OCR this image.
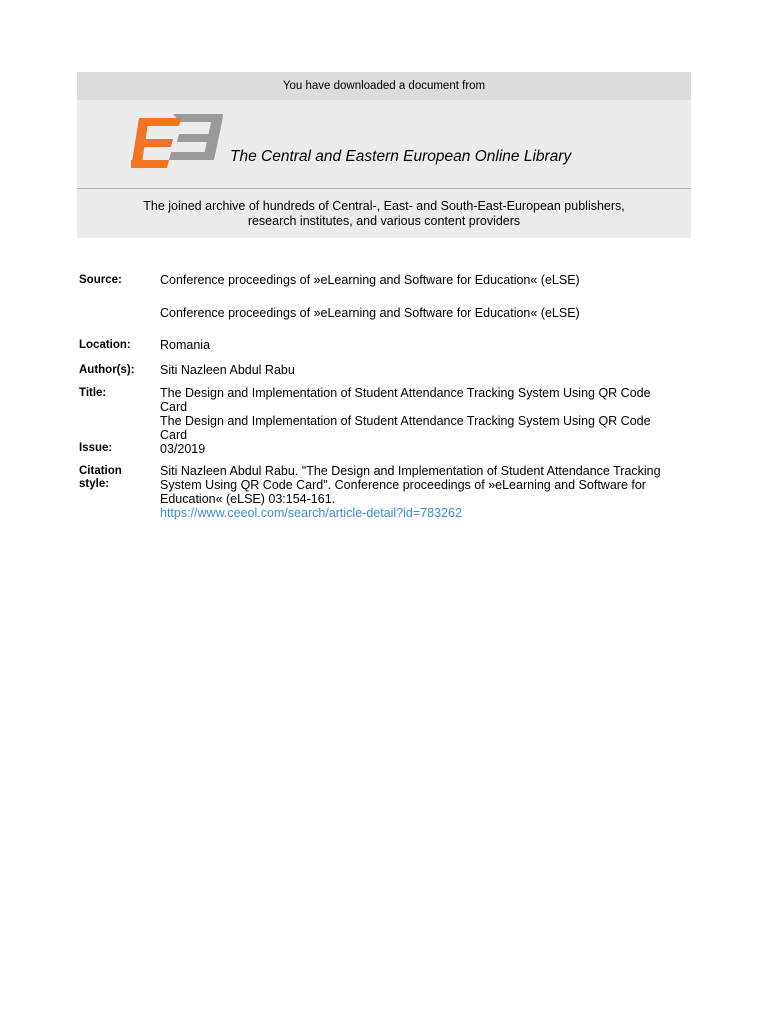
You have downloaded a document from
The Central and Eastern European Online Library
The joined archive of hundreds of Central-, East- and South-East-European publishers,
research institutes, and various content providers
Source:	Conference proceedings of »eLearning and Software for Education« (eLSE)
Conference proceedings of »eLearning and Software for Education« (eLSE)
Location: Romania
Author(s): Siti Nazleen Abdul Rabu
Title:	The Design and Implementation of Student Attendance Tracking System Using QR Code
Card
The Design and Implementation of Student Attendance Tracking System Using QR Code
Card
Issue:	03/2019
Citation
style:
Siti Nazleen Abdul Rabu. "The Design and Implementation of Student Attendance Tracking
System Using QR Code Card". Conference proceedings of »eLearning and Software for
Education« (eLSE) 03:154-161.
https://www.ceeol.com/search/article-detail?id=783262
